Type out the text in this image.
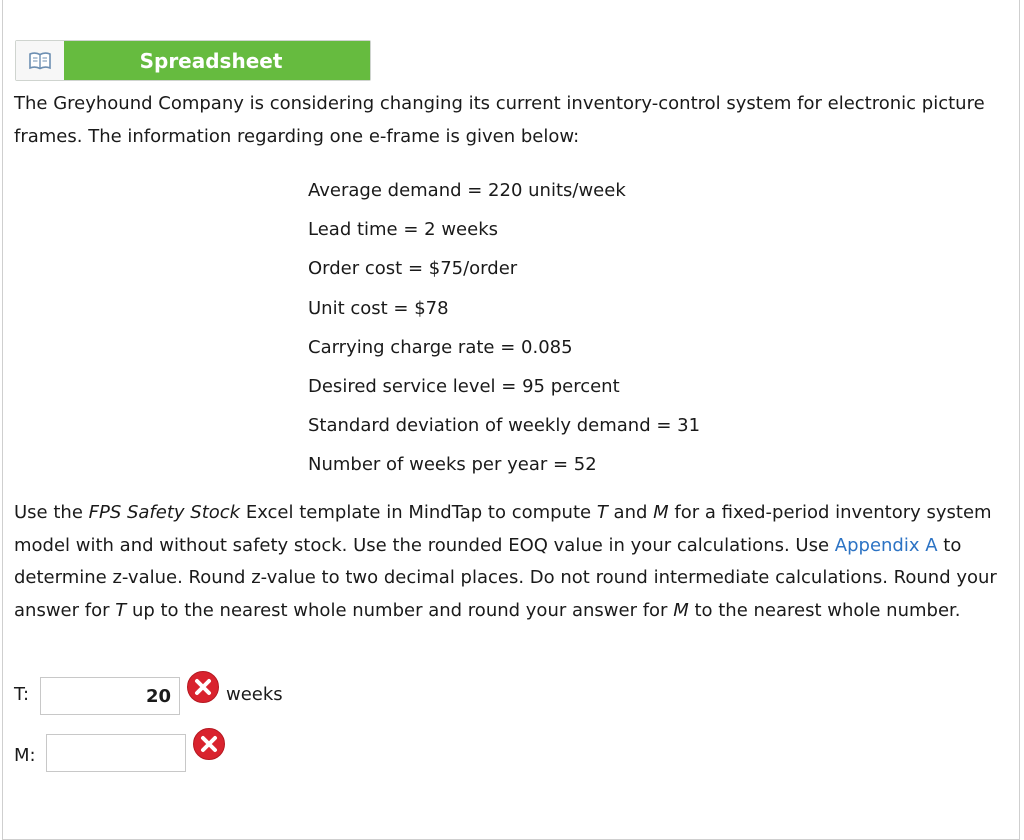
Spreadsheet

The Greyhound Company is considering changing its current inventory-control system for electronic picture frames. The information regarding one e-frame is given below:

Average demand = 220 units/week
Lead time = 2 weeks
Order cost = $75/order
Unit cost = $78
Carrying charge rate = 0.085
Desired service level = 95 percent
Standard deviation of weekly demand = 31
Number of weeks per year = 52

Use the FPS Safety Stock Excel template in MindTap to compute T and M for a fixed-period inventory system model with and without safety stock. Use the rounded EOQ value in your calculations. Use Appendix A to determine z-value. Round z-value to two decimal places. Do not round intermediate calculations. Round your answer for T up to the nearest whole number and round your answer for M to the nearest whole number.

T:
20	weeks
M:
